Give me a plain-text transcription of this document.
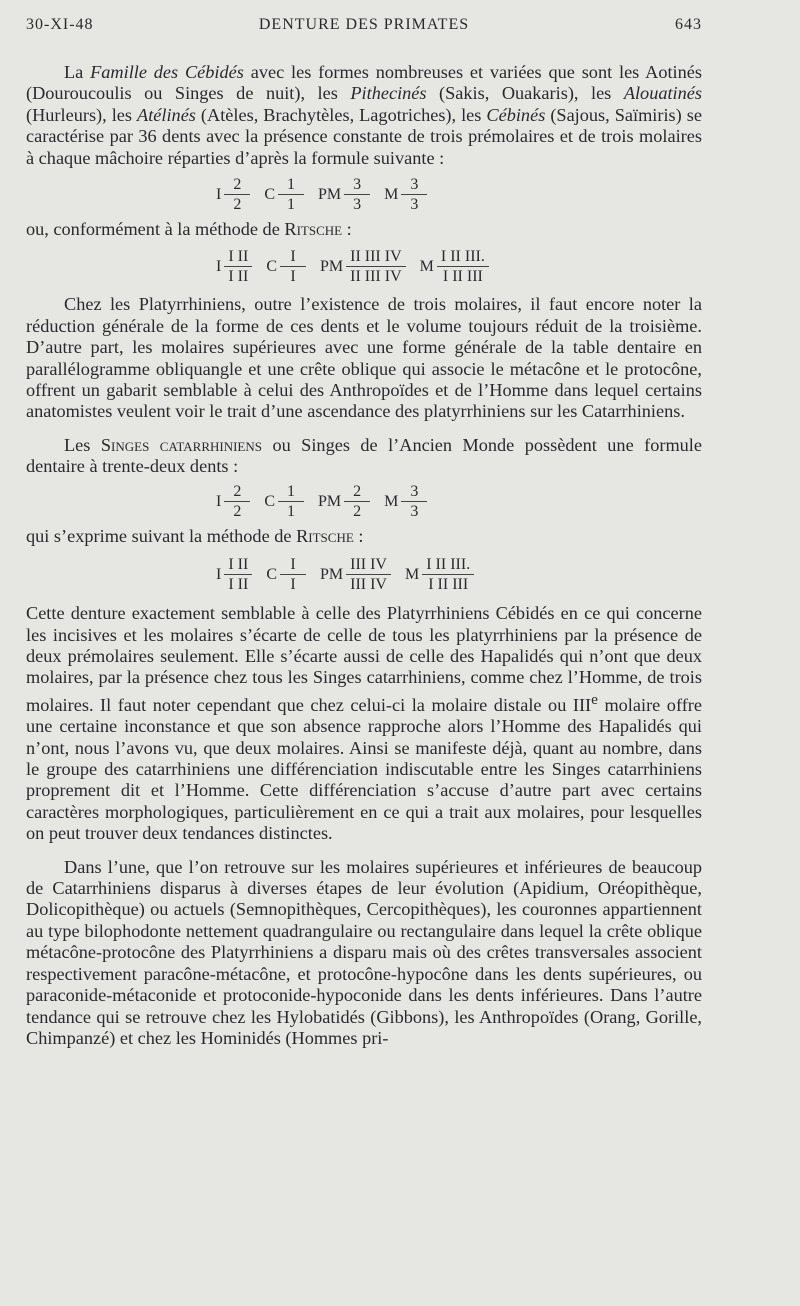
30-XI-48	DENTURE DES PRIMATES	643

La Famille des Cébidés avec les formes nombreuses et variées que sont les Aotinés (Douroucoulis ou Singes de nuit), les Pithecinés (Sakis, Ouakaris), les Alouatinés (Hurleurs), les Atélinés (Atèles, Brachytèles, Lagotriches), les Cébinés (Sajous, Saïmiris) se caractérise par 36 dents avec la présence constante de trois prémolaires et de trois molaires à chaque mâchoire réparties d’après la formule suivante :

I $\frac{2}{2}$ C $\frac{1}{1}$ PM $\frac{3}{3}$ M $\frac{3}{3}$
ou, conformément à la méthode de Ritsche :
I $\frac{\text{I II}}{\text{I II}}$ C $\frac{I}{I}$ PM $\frac{\text{II III IV}}{\text{II III IV}}$ M $\frac{\text{I II III.}}{\text{I II III}}$

Chez les Platyrrhiniens, outre l’existence de trois molaires, il faut encore noter la réduction générale de la forme de ces dents et le volume toujours réduit de la troisième. D’autre part, les molaires supérieures avec une forme générale de la table dentaire en parallélogramme obliquangle et une crête oblique qui associe le métacône et le protocône, offrent un gabarit semblable à celui des Anthropoïdes et de l’Homme dans lequel certains anatomistes veulent voir le trait d’une ascendance des platyrrhiniens sur les Catarrhiniens.

Les Singes catarrhiniens ou Singes de l’Ancien Monde possèdent une formule dentaire à trente-deux dents :

I $\frac{2}{2}$ C $\frac{1}{1}$ PM $\frac{2}{2}$ M $\frac{3}{3}$
qui s’exprime suivant la méthode de Ritsche :
I $\frac{\text{I II}}{\text{I II}}$ C $\frac{I}{I}$ PM $\frac{\text{III IV}}{\text{III IV}}$ M $\frac{\text{I II III.}}{\text{I II III}}$

Cette denture exactement semblable à celle des Platyrrhiniens Cébidés en ce qui concerne les incisives et les molaires s’écarte de celle de tous les platyrrhiniens par la présence de deux prémolaires seulement. Elle s’écarte aussi de celle des Hapalidés qui n’ont que deux molaires, par la présence chez tous les Singes catarrhiniens, comme chez l’Homme, de trois molaires. Il faut noter cependant que chez celui-ci la molaire distale ou IIIe molaire offre une certaine inconstance et que son absence rapproche alors l’Homme des Hapalidés qui n’ont, nous l’avons vu, que deux molaires. Ainsi se manifeste déjà, quant au nombre, dans le groupe des catarrhiniens une différenciation indiscutable entre les Singes catarrhiniens proprement dit et l’Homme. Cette différenciation s’accuse d’autre part avec certains caractères morphologiques, particulièrement en ce qui a trait aux molaires, pour lesquelles on peut trouver deux tendances distinctes.

Dans l’une, que l’on retrouve sur les molaires supérieures et inférieures de beaucoup de Catarrhiniens disparus à diverses étapes de leur évolution (Apidium, Oréopithèque, Dolicopithèque) ou actuels (Semnopithèques, Cercopithèques), les couronnes appartiennent au type bilophodonte nettement quadrangulaire ou rectangulaire dans lequel la crête oblique métacône-protocône des Platyrrhiniens a disparu mais où des crêtes transversales associent respectivement paracône-métacône, et protocône-hypocône dans les dents supérieures, ou paraconide-métaconide et protoconide-hypoconide dans les dents inférieures. Dans l’autre tendance qui se retrouve chez les Hylobatidés (Gibbons), les Anthropoïdes (Orang, Gorille, Chimpanzé) et chez les Hominidés (Hommes pri-
